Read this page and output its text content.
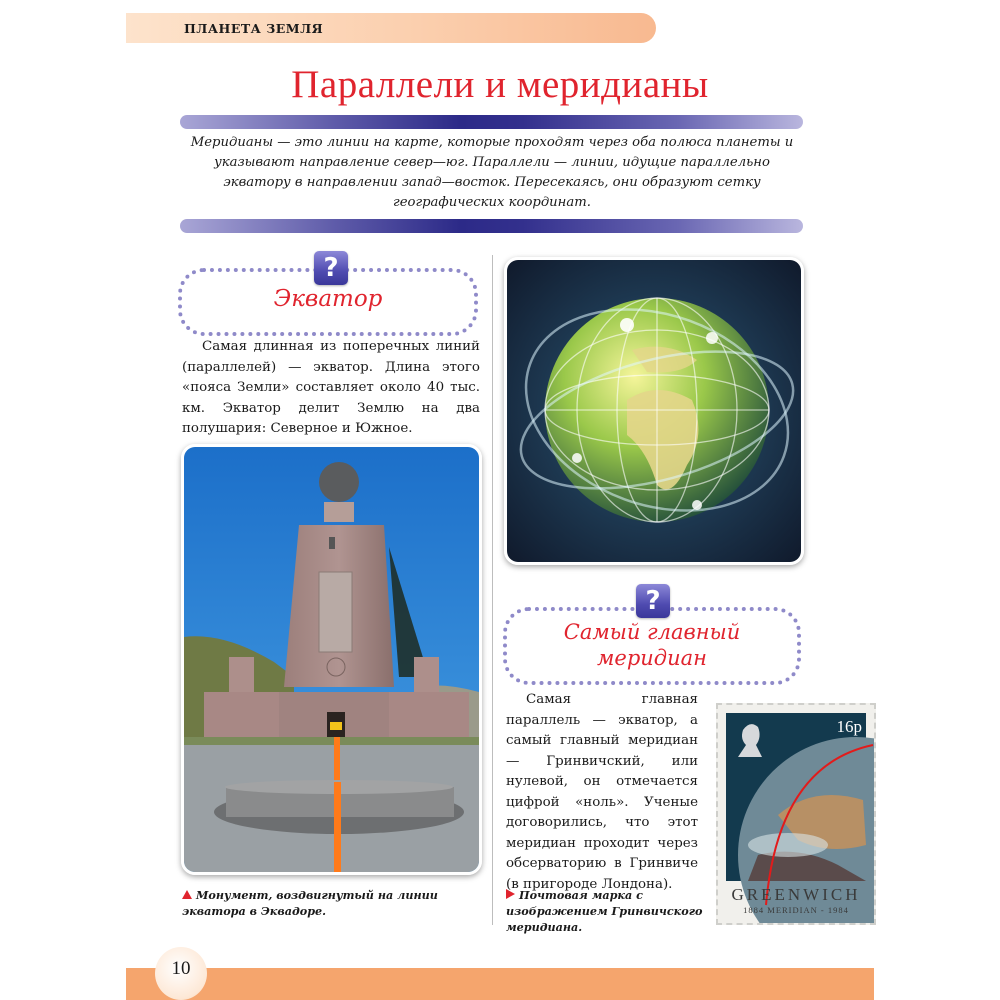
ПЛАНЕТА ЗЕМЛЯ
Параллели и меридианы
Меридианы — это линии на карте, которые проходят через оба полюса планеты и указывают направление север—юг. Параллели — линии, идущие параллельно экватору в направлении запад—восток. Пересекаясь, они образуют сетку географических координат.
Экватор
?
Самая длинная из поперечных линий (параллелей) — экватор. Длина этого «пояса Земли» составляет около 40 тыс. км. Экватор делит Землю на два полушария: Северное и Южное.
Монумент, воздвигнутый на линии экватора в Эквадоре.
Самый главный
меридиан
?
Самая главная параллель — экватор, а самый главный меридиан — Гринвичский, или нулевой, он отмечается цифрой «ноль». Ученые договорились, что этот меридиан проходит через обсерваторию в Гринвиче (в пригороде Лондона).
Почтовая марка с изображением Гринвичского меридиана.
16p
GREENWICH
1884 MERIDIAN - 1984
10
